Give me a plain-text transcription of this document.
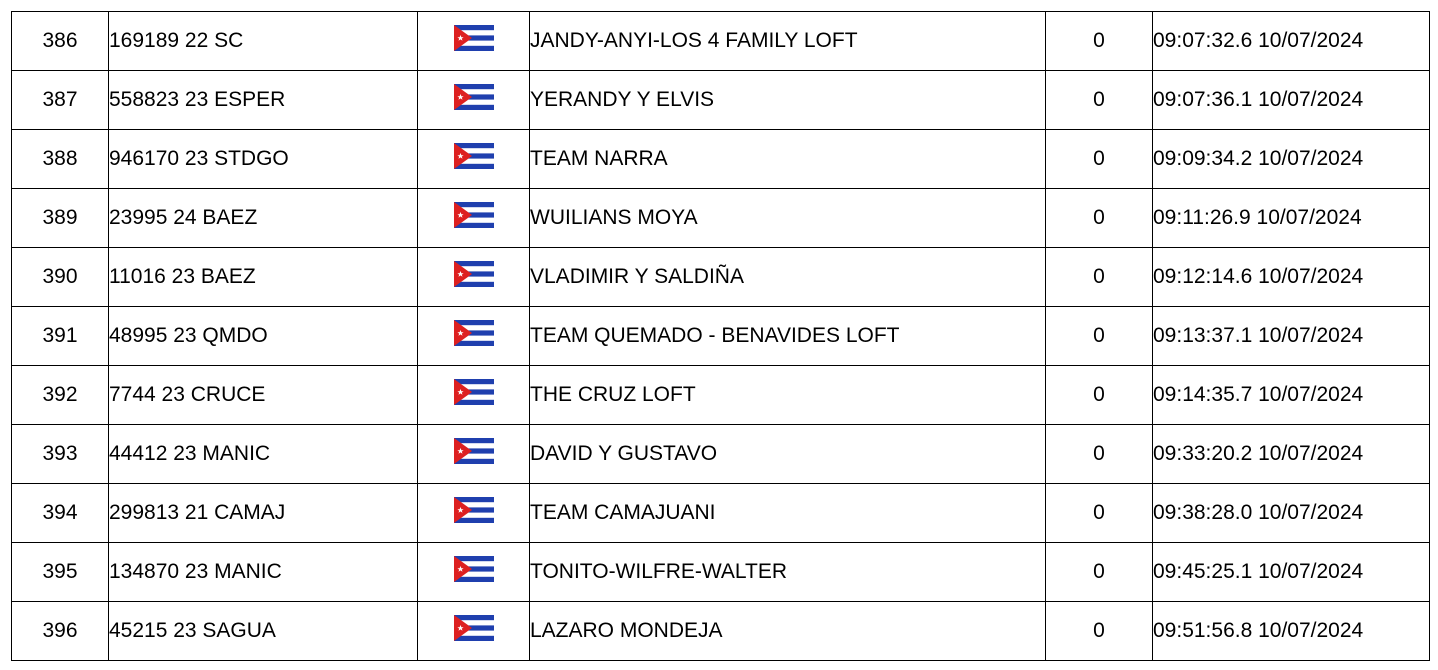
386	169189 22 SC		JANDY-ANYI-LOS 4 FAMILY LOFT	0	09:07:32.6 10/07/2024
387	558823 23 ESPER		YERANDY Y ELVIS	0	09:07:36.1 10/07/2024
388	946170 23 STDGO		TEAM NARRA	0	09:09:34.2 10/07/2024
389	23995 24 BAEZ		WUILIANS MOYA	0	09:11:26.9 10/07/2024
390	11016 23 BAEZ		VLADIMIR Y SALDIÑA	0	09:12:14.6 10/07/2024
391	48995 23 QMDO		TEAM QUEMADO - BENAVIDES LOFT	0	09:13:37.1 10/07/2024
392	7744 23 CRUCE		THE CRUZ LOFT	0	09:14:35.7 10/07/2024
393	44412 23 MANIC		DAVID Y GUSTAVO	0	09:33:20.2 10/07/2024
394	299813 21 CAMAJ		TEAM CAMAJUANI	0	09:38:28.0 10/07/2024
395	134870 23 MANIC		TONITO-WILFRE-WALTER	0	09:45:25.1 10/07/2024
396	45215 23 SAGUA		LAZARO MONDEJA	0	09:51:56.8 10/07/2024
